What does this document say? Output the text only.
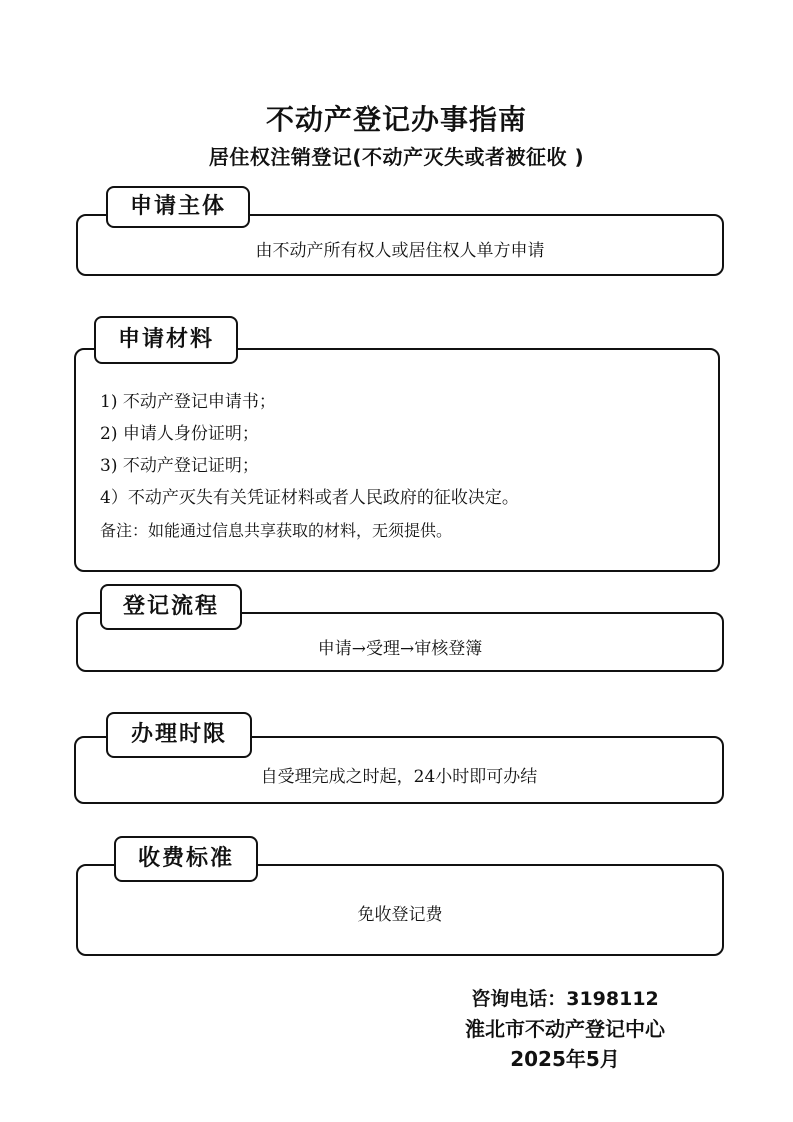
不动产登记办事指南
居住权注销登记(不动产灭失或者被征收 )
由不动产所有权人或居住权人单方申请
申请主体
1) 不动产登记申请书；
2) 申请人身份证明；
3) 不动产登记证明；
4）不动产灭失有关凭证材料或者人民政府的征收决定。
备注：如能通过信息共享获取的材料，无须提供。
申请材料
申请→受理→审核登簿
登记流程
自受理完成之时起，24小时即可办结
办理时限
免收登记费
收费标准
咨询电话：3198112
淮北市不动产登记中心
2025年5月
